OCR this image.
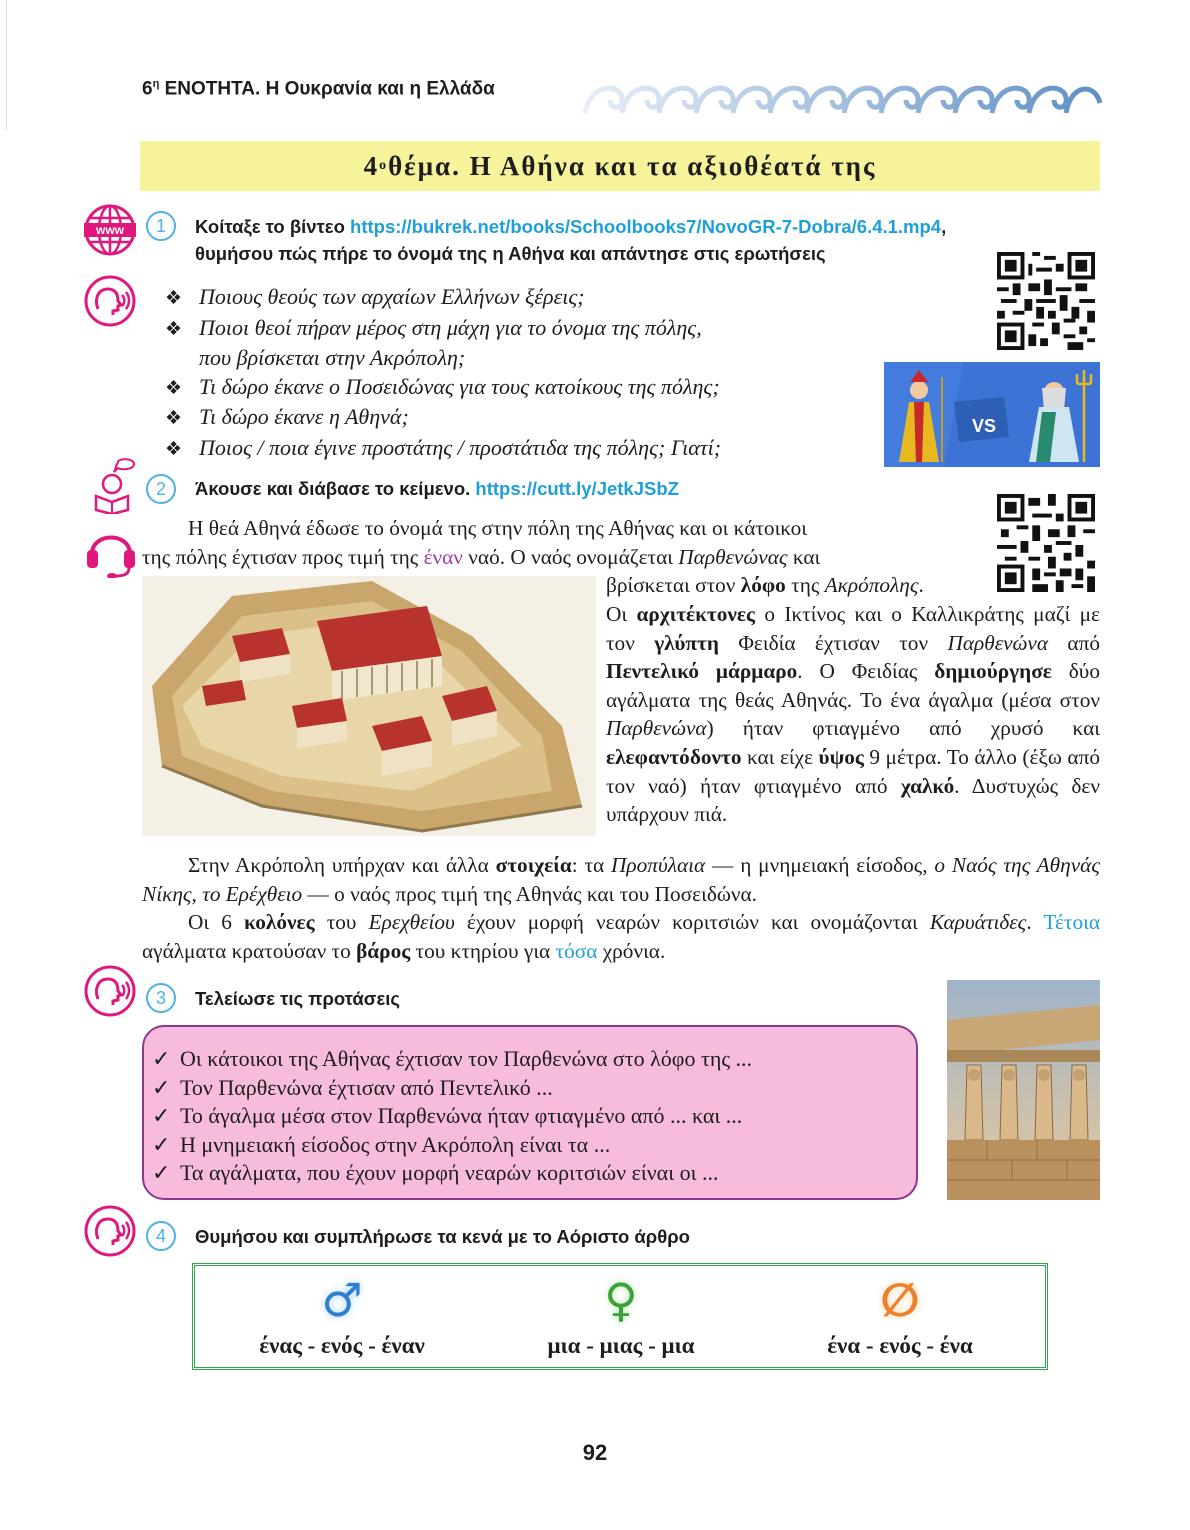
$6^\eta$ ΕΝΟΤΗΤΑ. Η Ουκρανία και η Ελλάδα
4 ο θέμα. Η Αθήνα και τα αξιοθέατά της
www	1 Κοίταξε το βίντεο https://bukrek.net/books/Schoolbooks7/NovoGR-7-Dobra/6.4.1.mp4,
θυμήσου πώς πήρε το όνομά της η Αθήνα και απάντησε στις ερωτήσεις
❖ Ποιους θεούς των αρχαίων Ελλήνων ξέρεις;
❖ Ποιοι θεοί πήραν μέρος στη μάχη για το όνομα της πόλης,
που βρίσκεται στην Ακρόπολη;
❖ Τι δώρο έκανε ο Ποσειδώνας για τους κατοίκους της πόλης;
❖ Τι δώρο έκανε η Αθηνά;
❖ Ποιος / ποια έγινε προστάτης / προστάτιδα της πόλης; Γιατί;
VS
2 Άκουσε και διάβασε το κείμενο. https://cutt.ly/JetkJSbZ
Η θεά Αθηνά έδωσε το όνομά της στην πόλη της Αθήνας και οι κάτοικοι
της πόλης έχτισαν προς τιμή της έναν ναό. Ο ναός ονομάζεται Παρθενώνας και
βρίσκεται στον λόφο της Ακρόπολης.
Οι αρχιτέκτονες ο Ικτίνος και ο Καλλικράτης μαζί με τον γλύπτη Φειδία έχτισαν τον Παρθενώνα από Πεντελικό μάρμαρο. Ο Φειδίας δημιούργησε δύο αγάλματα της θεάς Αθηνάς. Το ένα άγαλμα (μέσα στον Παρθενώνα) ήταν φτιαγμένο από χρυσό και ελεφαντόδοντο και είχε ύψος 9 μέτρα. Το άλλο (έξω από τον ναό) ήταν φτιαγμένο από χαλκό. Δυστυχώς δεν υπάρχουν πιά.
Στην Ακρόπολη υπήρχαν και άλλα στοιχεία: τα Προπύλαια — η μνημειακή είσοδος, ο Ναός της Αθηνάς Νίκης, το Ερέχθειο — ο ναός προς τιμή της Αθηνάς και του Ποσειδώνα.
Οι 6 κολόνες του Ερεχθείου έχουν μορφή νεαρών κοριτσιών και ονομάζονται Καρυάτιδες. Τέτοια αγάλματα κρατούσαν το βάρος του κτηρίου για τόσα χρόνια.
3 Τελείωσε τις προτάσεις
✓ Οι κάτοικοι της Αθήνας έχτισαν τον Παρθενώνα στο λόφο της ...
✓ Τον Παρθενώνα έχτισαν από Πεντελικό ...
✓ Το άγαλμα μέσα στον Παρθενώνα ήταν φτιαγμένο από ... και ...
✓ Η μνημειακή είσοδος στην Ακρόπολη είναι τα ...
✓ Τα αγάλματα, που έχουν μορφή νεαρών κοριτσιών είναι οι ...
4 Θυμήσου και συμπλήρωσε τα κενά με το Αόριστο άρθρο
♂
ένας - ενός - έναν
♀
μια - μιας - μια
∅
ένα - ενός - ένα
92
